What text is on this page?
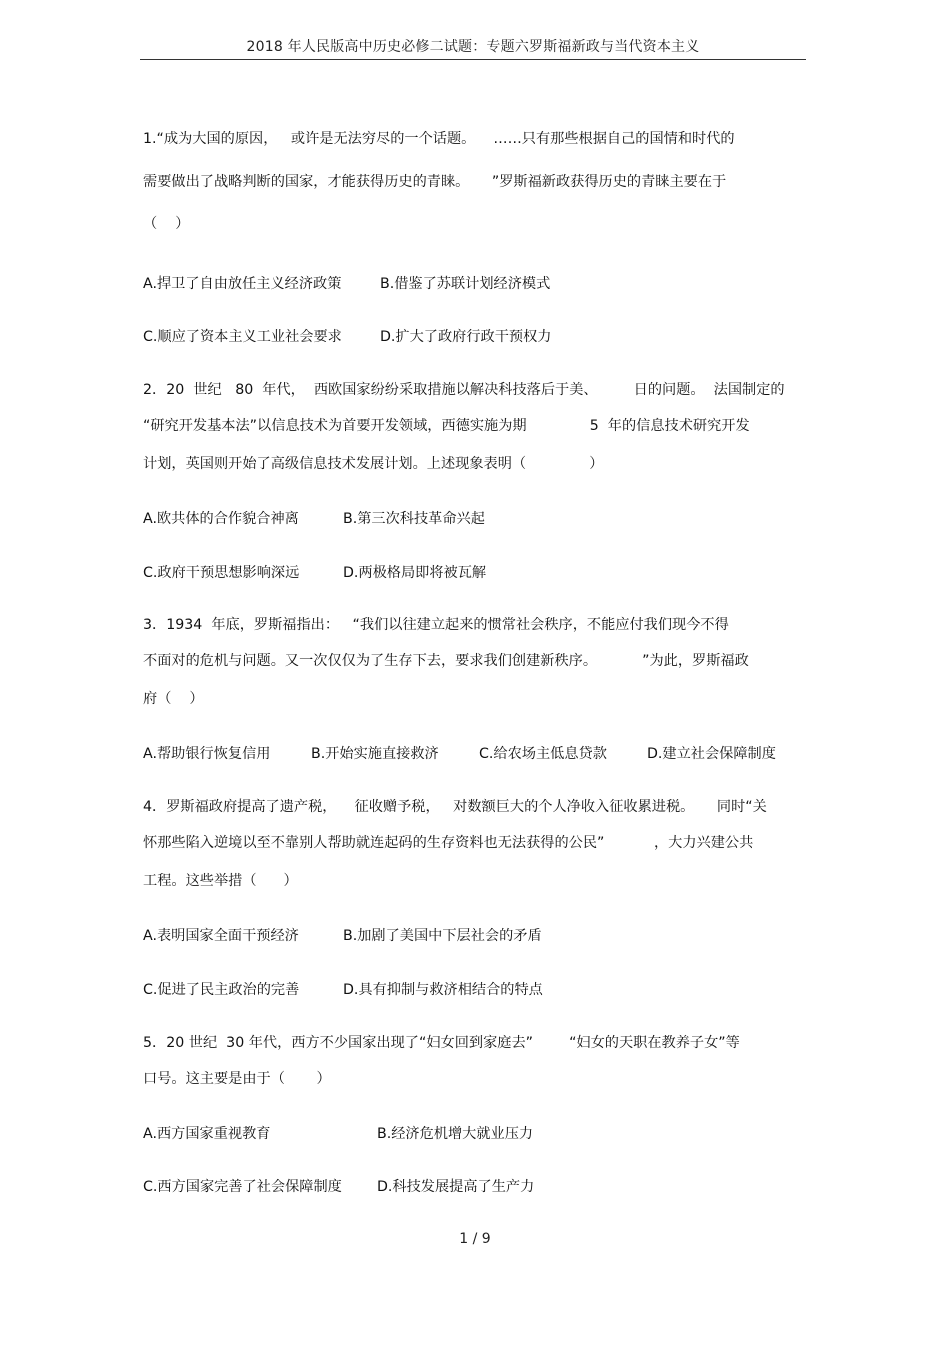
2018 年人民版高中历史必修二试题：专题六罗斯福新政与当代资本主义
1.“成为大国的原因，   或许是无法穷尽的一个话题。    ……只有那些根据自己的国情和时代的
需要做出了战略判断的国家，才能获得历史的青睐。     ”罗斯福新政获得历史的青睐主要在于
（    ）
A.捍卫了自由放任主义经济政策	B.借鉴了苏联计划经济模式
C.顺应了资本主义工业社会要求	D.扩大了政府行政干预权力
2．20  世纪   80  年代，  西欧国家纷纷采取措施以解决科技落后于美、        日的问题。  法国制定的
“研究开发基本法”以信息技术为首要开发领域，西德实施为期              5  年的信息技术研究开发
计划，英国则开始了高级信息技术发展计划。上述现象表明（              ）
A.欧共体的合作貌合神离	B.第三次科技革命兴起
C.政府干预思想影响深远	D.两极格局即将被瓦解
3．1934  年底，罗斯福指出：   “我们以往建立起来的惯常社会秩序，不能应付我们现今不得
不面对的危机与问题。又一次仅仅为了生存下去，要求我们创建新秩序。          ”为此，罗斯福政
府（    ）
A.帮助银行恢复信用	B.开始实施直接救济	C.给农场主低息贷款	D.建立社会保障制度
4．罗斯福政府提高了遗产税，    征收赠予税，   对数额巨大的个人净收入征收累进税。     同时“关
怀那些陷入逆境以至不靠别人帮助就连起码的生存资料也无法获得的公民”           ，大力兴建公共
工程。这些举措（      ）
A.表明国家全面干预经济	B.加剧了美国中下层社会的矛盾
C.促进了民主政治的完善	D.具有抑制与救济相结合的特点
5．20 世纪  30 年代，西方不少国家出现了“妇女回到家庭去”        “妇女的天职在教养子女”等
口号。这主要是由于（       ）
A.西方国家重视教育	B.经济危机增大就业压力
C.西方国家完善了社会保障制度 D.科技发展提高了生产力
1 / 9
